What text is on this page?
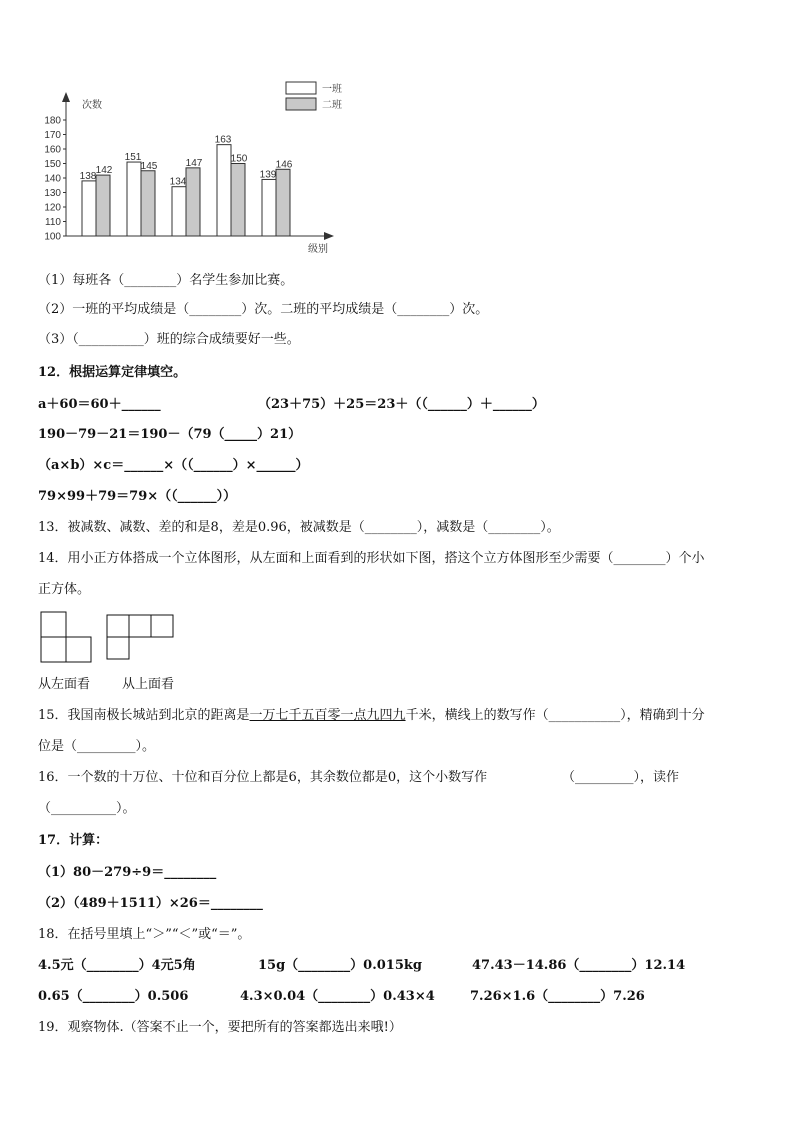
次数
级别
100
110
120
130
140
150
160
170
180
138
151
134
163
139
142	145	147	150
146
一班
二班
（1）每班各（________）名学生参加比赛。
（2）一班的平均成绩是（________）次。二班的平均成绩是（________）次。
（3）（__________）班的综合成绩要好一些。
12．根据运算定律填空。
a＋60＝60＋______	（23＋75）＋25＝23＋（（______）＋______）
190－79－21＝190－（79（_____）21）
（a×b）×c＝______×（（______）×______）
79×99＋79＝79×（（______））
13．被减数、减数、差的和是8，差是0.96，被减数是（________），减数是（________）。
14．用小正方体搭成一个立体图形，从左面和上面看到的形状如下图，搭这个立方体图形至少需要（________）个小
正方体。
从左面看 从上面看
15．我国南极长城站到北京的距离是一万七千五百零一点九四九千米，横线上的数写作（___________），精确到十分
位是（_________）。
16．一个数的十万位、十位和百分位上都是6，其余数位都是0，这个小数写作	（_________），读作
（__________）。
17．计算：
（1）80－279÷9＝________
（2）（489＋1511）×26＝________
18．在括号里填上“＞”“＜”或“＝”。
4.5元（________）4元5角	15g（________）0.015kg	47.43－14.86（________）12.14
0.65（________）0.506	4.3×0.04（________）0.43×4	7.26×1.6（________）7.26
19．观察物体.（答案不止一个，要把所有的答案都选出来哦!）
